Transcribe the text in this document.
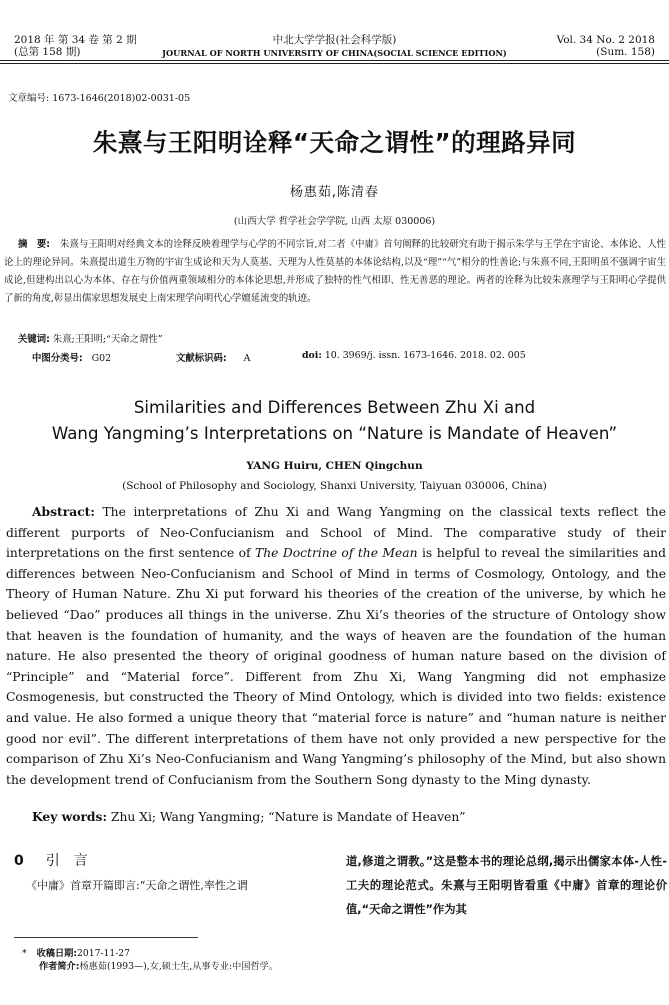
2018 年 第 34 卷 第 2 期
(总第 158 期)
中北大学学报(社会科学版)
JOURNAL OF NORTH UNIVERSITY OF CHINA(SOCIAL SCIENCE EDITION)
Vol. 34 No. 2 2018
(Sum. 158)
文章编号: 1673-1646(2018)02-0031-05
朱熹与王阳明诠释“天命之谓性”的理路异同
杨惠茹,陈清春
(山西大学 哲学社会学学院, 山西 太原 030006)
摘　要: 朱熹与王阳明对经典文本的诠释反映着理学与心学的不同宗旨,对二者《中庸》首句阐释的比较研究有助于揭示朱学与王学在宇宙论、本体论、人性论上的理论异同。朱熹提出道生万物的宇宙生成论和天为人莫基、天理为人性莫基的本体论结构,以及“理”“气”相分的性善论;与朱熹不同,王阳明虽不强调宇宙生成论,但建构出以心为本体、存在与价值两重领域相分的本体论思想,并形成了独特的性气相即、性无善恶的理论。两者的诠释为比较朱熹理学与王阳明心学提供了新的角度,彰显出儒家思想发展史上南宋理学向明代心学嬗延流变的轨迹。
关键词: 朱熹;王阳明;“天命之谓性”
中图分类号: G02	文献标识码: A	doi: 10. 3969/j. issn. 1673-1646. 2018. 02. 005
Similarities and Differences Between Zhu Xi and
Wang Yangming’s Interpretations on “Nature is Mandate of Heaven”
YANG Huiru, CHEN Qingchun
(School of Philosophy and Sociology, Shanxi University, Taiyuan 030006, China)
Abstract: The interpretations of Zhu Xi and Wang Yangming on the classical texts reflect the different purports of Neo-Confucianism and School of Mind. The comparative study of their interpretations on the first sentence of The Doctrine of the Mean is helpful to reveal the similarities and differences between Neo-Confucianism and School of Mind in terms of Cosmology, Ontology, and the Theory of Human Nature. Zhu Xi put forward his theories of the creation of the universe, by which he believed “Dao” produces all things in the universe. Zhu Xi’s theories of the structure of Ontology show that heaven is the foundation of humanity, and the ways of heaven are the foundation of the human nature. He also presented the theory of original goodness of human nature based on the division of “Principle” and “Material force”. Different from Zhu Xi, Wang Yangming did not emphasize Cosmogenesis, but constructed the Theory of Mind Ontology, which is divided into two fields: existence and value. He also formed a unique theory that “material force is nature” and “human nature is neither good nor evil”. The different interpretations of them have not only provided a new perspective for the comparison of Zhu Xi’s Neo-Confucianism and Wang Yangming’s philosophy of the Mind, but also shown the development trend of Confucianism from the Southern Song dynasty to the Ming dynasty.
Key words: Zhu Xi; Wang Yangming; “Nature is Mandate of Heaven”
0 引　言
《中庸》首章开篇即言:“天命之谓性,率性之谓
道,修道之谓教。”这是整本书的理论总纲,揭示出儒家本体-人性-工夫的理论范式。朱熹与王阳明皆看重《中庸》首章的理论价值,“天命之谓性”作为其
* 收稿日期:2017-11-27
作者简介:杨惠茹(1993—),女,硕士生,从事专业:中国哲学。
